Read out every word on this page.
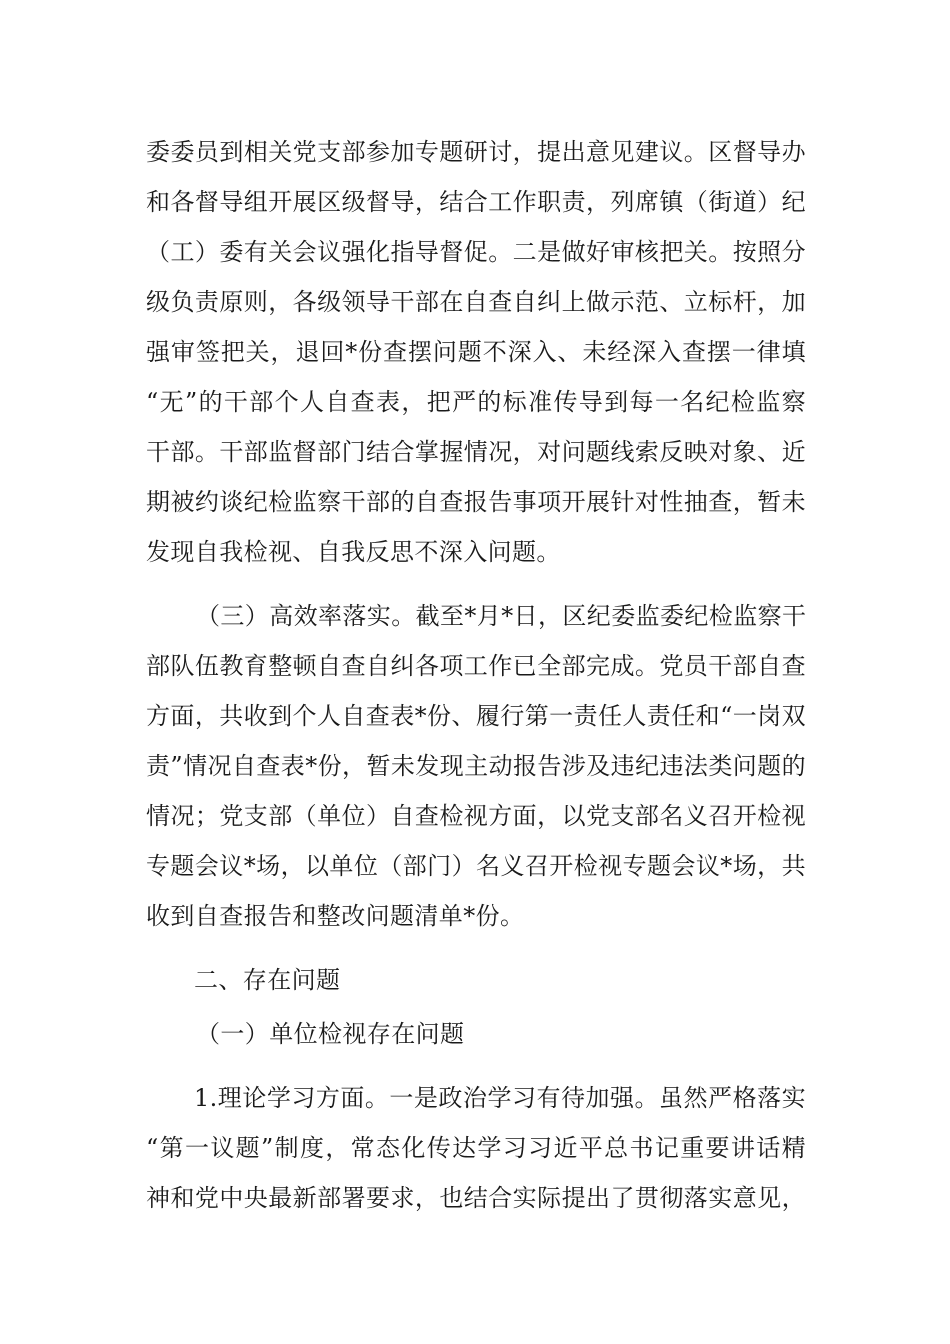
委委员到相关党支部参加专题研讨，提出意见建议。区督导办
和各督导组开展区级督导，结合工作职责，列席镇（街道）纪
（工）委有关会议强化指导督促。二是做好审核把关。按照分
级负责原则，各级领导干部在自查自纠上做示范、立标杆，加
强审签把关，退回*份查摆问题不深入、未经深入查摆一律填
“无”的干部个人自查表，把严的标准传导到每一名纪检监察
干部。干部监督部门结合掌握情况，对问题线索反映对象、近
期被约谈纪检监察干部的自查报告事项开展针对性抽查，暂未
发现自我检视、自我反思不深入问题。
（三）高效率落实。截至*月*日，区纪委监委纪检监察干
部队伍教育整顿自查自纠各项工作已全部完成。党员干部自查
方面，共收到个人自查表*份、履行第一责任人责任和“一岗双
责”情况自查表*份，暂未发现主动报告涉及违纪违法类问题的
情况；党支部（单位）自查检视方面，以党支部名义召开检视
专题会议*场，以单位（部门）名义召开检视专题会议*场，共
收到自查报告和整改问题清单*份。
二、存在问题
（一）单位检视存在问题
1.理论学习方面。一是政治学习有待加强。虽然严格落实
“第一议题”制度，常态化传达学习习近平总书记重要讲话精
神和党中央最新部署要求，也结合实际提出了贯彻落实意见，
